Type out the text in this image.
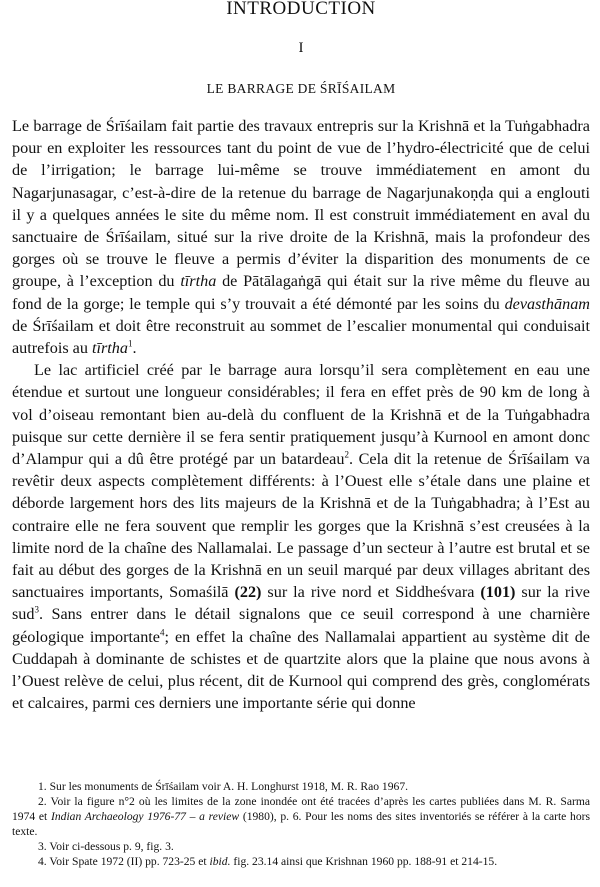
INTRODUCTION
I
LE BARRAGE DE ŚRĪŚAILAM

Le barrage de Śrīśailam fait partie des travaux entrepris sur la Krishnā et la Tuṅgabhadra pour en exploiter les ressources tant du point de vue de l’hydro-électricité que de celui de l’irrigation; le barrage lui-même se trouve immédiatement en amont du Nagarjunasagar, c’est-à-dire de la retenue du barrage de Nagarjunakoṇḍa qui a englouti il y a quelques années le site du même nom. Il est construit immédiatement en aval du sanctuaire de Śrīśailam, situé sur la rive droite de la Krishnā, mais la profondeur des gorges où se trouve le fleuve a permis d’éviter la disparition des monuments de ce groupe, à l’exception du tīrtha de Pātālagaṅgā qui était sur la rive même du fleuve au fond de la gorge; le temple qui s’y trouvait a été démonté par les soins du devasthānam de Śrīśailam et doit être reconstruit au sommet de l’escalier monumental qui conduisait autrefois au tīrtha$^1$.

Le lac artificiel créé par le barrage aura lorsqu’il sera complètement en eau une étendue et surtout une longueur considérables; il fera en effet près de 90 km de long à vol d’oiseau remontant bien au-delà du confluent de la Krishnā et de la Tuṅgabhadra puisque sur cette dernière il se fera sentir pratiquement jusqu’à Kurnool en amont donc d’Alampur qui a dû être protégé par un batardeau$^2$. Cela dit la retenue de Śrīśailam va revêtir deux aspects complètement différents: à l’Ouest elle s’étale dans une plaine et déborde largement hors des lits majeurs de la Krishnā et de la Tuṅgabhadra; à l’Est au contraire elle ne fera souvent que remplir les gorges que la Krishnā s’est creusées à la limite nord de la chaîne des Nallamalai. Le passage d’un secteur à l’autre est brutal et se fait au début des gorges de la Krishnā en un seuil marqué par deux villages abritant des sanctuaires importants, Somaśilā (22) sur la rive nord et Siddheśvara (101) sur la rive sud$^3$. Sans entrer dans le détail signalons que ce seuil correspond à une charnière géologique importante$^4$; en effet la chaîne des Nallamalai appartient au système dit de Cuddapah à dominante de schistes et de quartzite alors que la plaine que nous avons à l’Ouest relève de celui, plus récent, dit de Kurnool qui comprend des grès, conglomérats et calcaires, parmi ces derniers une importante série qui donne

1. Sur les monuments de Śrīśailam voir A. H. Longhurst 1918, M. R. Rao 1967.

2. Voir la figure n°2 où les limites de la zone inondée ont été tracées d’après les cartes publiées dans M. R. Sarma 1974 et Indian Archaeology 1976-77 – a review (1980), p. 6. Pour les noms des sites inventoriés se référer à la carte hors texte.

3. Voir ci-dessous p. 9, fig. 3.

4. Voir Spate 1972 (II) pp. 723-25 et ibid. fig. 23.14 ainsi que Krishnan 1960 pp. 188-91 et 214-15.
